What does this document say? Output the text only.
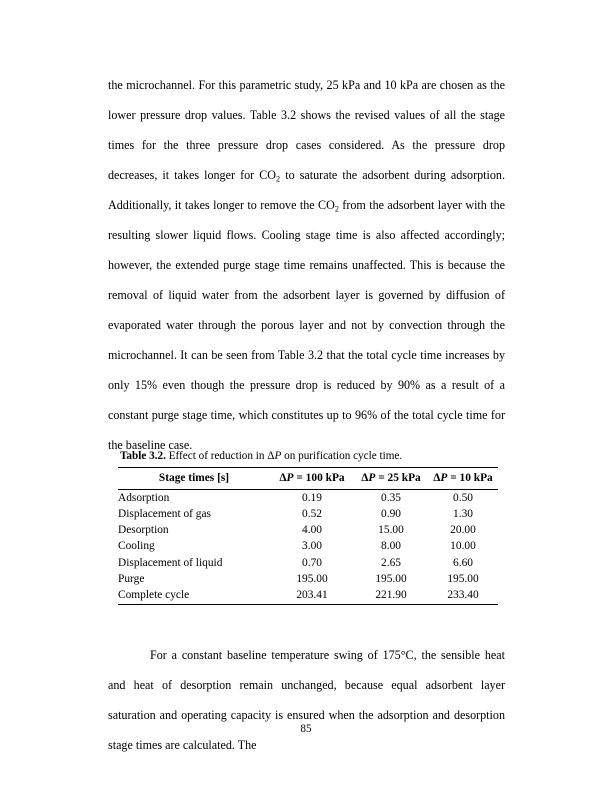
the microchannel. For this parametric study, 25 kPa and 10 kPa are chosen as the lower pressure drop values. Table 3.2 shows the revised values of all the stage times for the three pressure drop cases considered. As the pressure drop decreases, it takes longer for $CO_2$ to saturate the adsorbent during adsorption. Additionally, it takes longer to remove the $CO_2$ from the adsorbent layer with the resulting slower liquid flows. Cooling stage time is also affected accordingly; however, the extended purge stage time remains unaffected. This is because the removal of liquid water from the adsorbent layer is governed by diffusion of evaporated water through the porous layer and not by convection through the microchannel. It can be seen from Table 3.2 that the total cycle time increases by only 15% even though the pressure drop is reduced by 90% as a result of a constant purge stage time, which constitutes up to 96% of the total cycle time for the baseline case.

Table 3.2. Effect of reduction in ΔP on purification cycle time.
Stage times [s]	ΔP = 100 kPa	ΔP = 25 kPa	ΔP = 10 kPa
Adsorption	0.19	0.35	0.50
Displacement of gas	0.52	0.90	1.30
Desorption	4.00	15.00	20.00
Cooling	3.00	8.00	10.00
Displacement of liquid	0.70	2.65	6.60
Purge	195.00	195.00	195.00
Complete cycle	203.41	221.90	233.40

For a constant baseline temperature swing of 175°C, the sensible heat and heat of desorption remain unchanged, because equal adsorbent layer saturation and operating capacity is ensured when the adsorption and desorption stage times are calculated. The

85
